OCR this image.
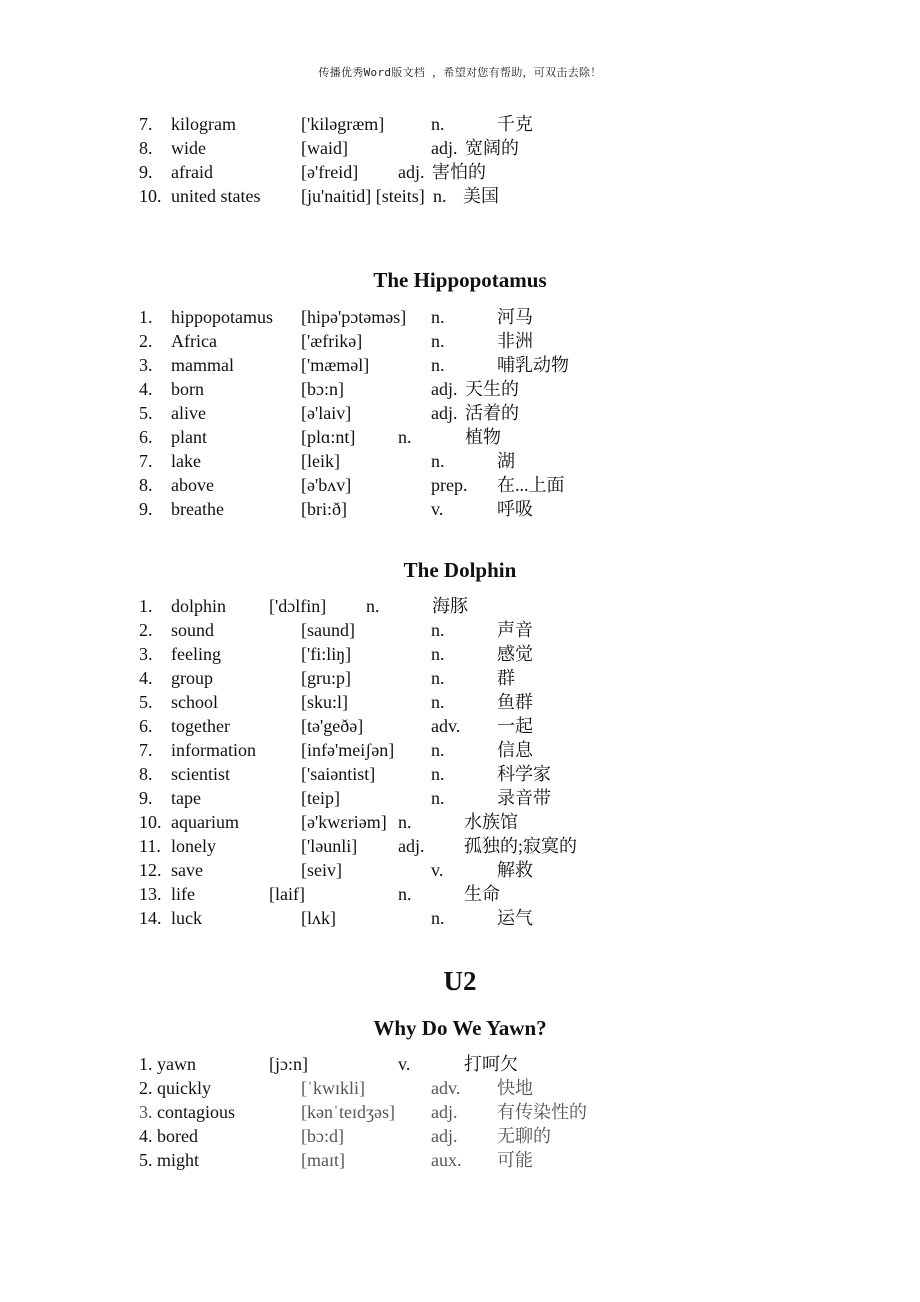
传播优秀Word版文档 ，希望对您有帮助，可双击去除！
7. kilogram	['kiləgræm]	n.	千克
8. wide	[waid]	adj. 宽阔的
9. afraid	[ə'freid] adj. 害怕的
10. united states [ju'naitid] [steits] n. 美国
The Hippopotamus
1. hippopotamus [hipə'pɔtəməs] n.	河马
2. Africa	['æfrikə]	n.	非洲
3. mammal	['mæməl]	n.	哺乳动物
4. born	[bɔ:n]	adj. 天生的
5. alive	[ə'laiv]	adj. 活着的
6. plant	[plɑ:nt] n.	植物
7. lake	[leik]	n.	湖
8. above	[ə'bʌv]	prep. 在...上面
9. breathe	[bri:ð]	v.	呼吸
The Dolphin
1. dolphin ['dɔlfin] n.	海豚
2. sound	[saund]	n.	声音
3. feeling	['fi:liŋ]	n.	感觉
4. group	[gru:p]	n.	群
5. school	[sku:l]	n.	鱼群
6. together	[tə'geðə]	adv. 一起
7. information	[infə'meiʃən] n.	信息
8. scientist	['saiəntist]	n.	科学家
9. tape	[teip]	n.	录音带
10. aquarium	[ə'kwɛriəm] n.	水族馆
11. lonely	['ləunli] adj. 孤独的;寂寞的
12. save	[seiv]	v.	解救
13. life	[laif]	n.	生命
14. luck	[lʌk]	n.	运气
U2
Why Do We Yawn?
1. yawn	[jɔ:n]	v.	打呵欠
2. quickly	[ˈkwɪkli]	adv. 快地
3. contagious	[kənˈteɪdʒəs] adj. 有传染性的
4. bored	[bɔ:d]	adj. 无聊的
5. might	[maɪt]	aux. 可能
